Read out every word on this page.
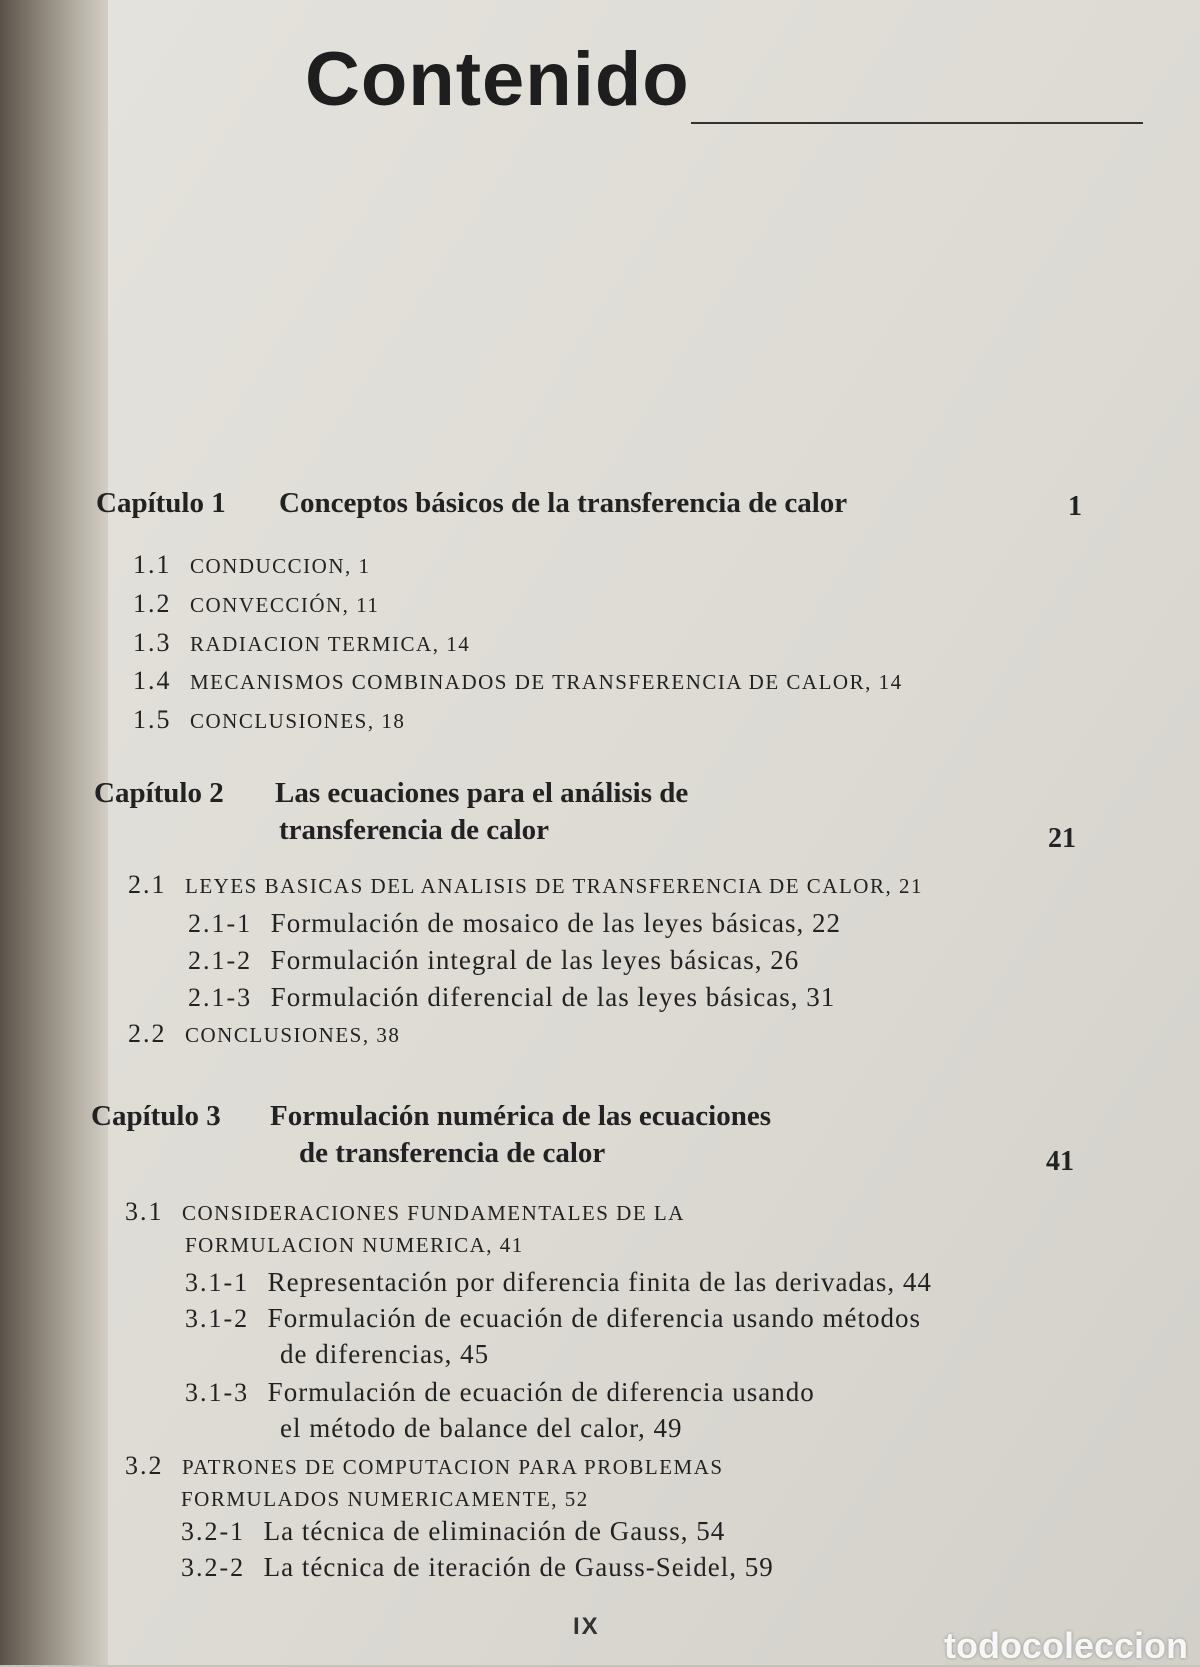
Contenido
Capítulo 1 Conceptos básicos de la transferencia de calor	1
1.1 CONDUCCION, 1
1.2 CONVECCIÓN, 11
1.3 RADIACION TERMICA, 14
1.4 MECANISMOS COMBINADOS DE TRANSFERENCIA DE CALOR, 14
1.5 CONCLUSIONES, 18
Capítulo 2 Las ecuaciones para el análisis de
transferencia de calor	21
2.1 LEYES BASICAS DEL ANALISIS DE TRANSFERENCIA DE CALOR, 21
2.1-1 Formulación de mosaico de las leyes básicas, 22
2.1-2 Formulación integral de las leyes básicas, 26
2.1-3 Formulación diferencial de las leyes básicas, 31
2.2 CONCLUSIONES, 38
Capítulo 3 Formulación numérica de las ecuaciones
de transferencia de calor	41
3.1 CONSIDERACIONES FUNDAMENTALES DE LA
FORMULACION NUMERICA, 41
3.1-1 Representación por diferencia finita de las derivadas, 44
3.1-2 Formulación de ecuación de diferencia usando métodos
de diferencias, 45
3.1-3 Formulación de ecuación de diferencia usando
el método de balance del calor, 49
3.2 PATRONES DE COMPUTACION PARA PROBLEMAS
FORMULADOS NUMERICAMENTE, 52
3.2-1 La técnica de eliminación de Gauss, 54
3.2-2 La técnica de iteración de Gauss-Seidel, 59
IX	todocoleccion
